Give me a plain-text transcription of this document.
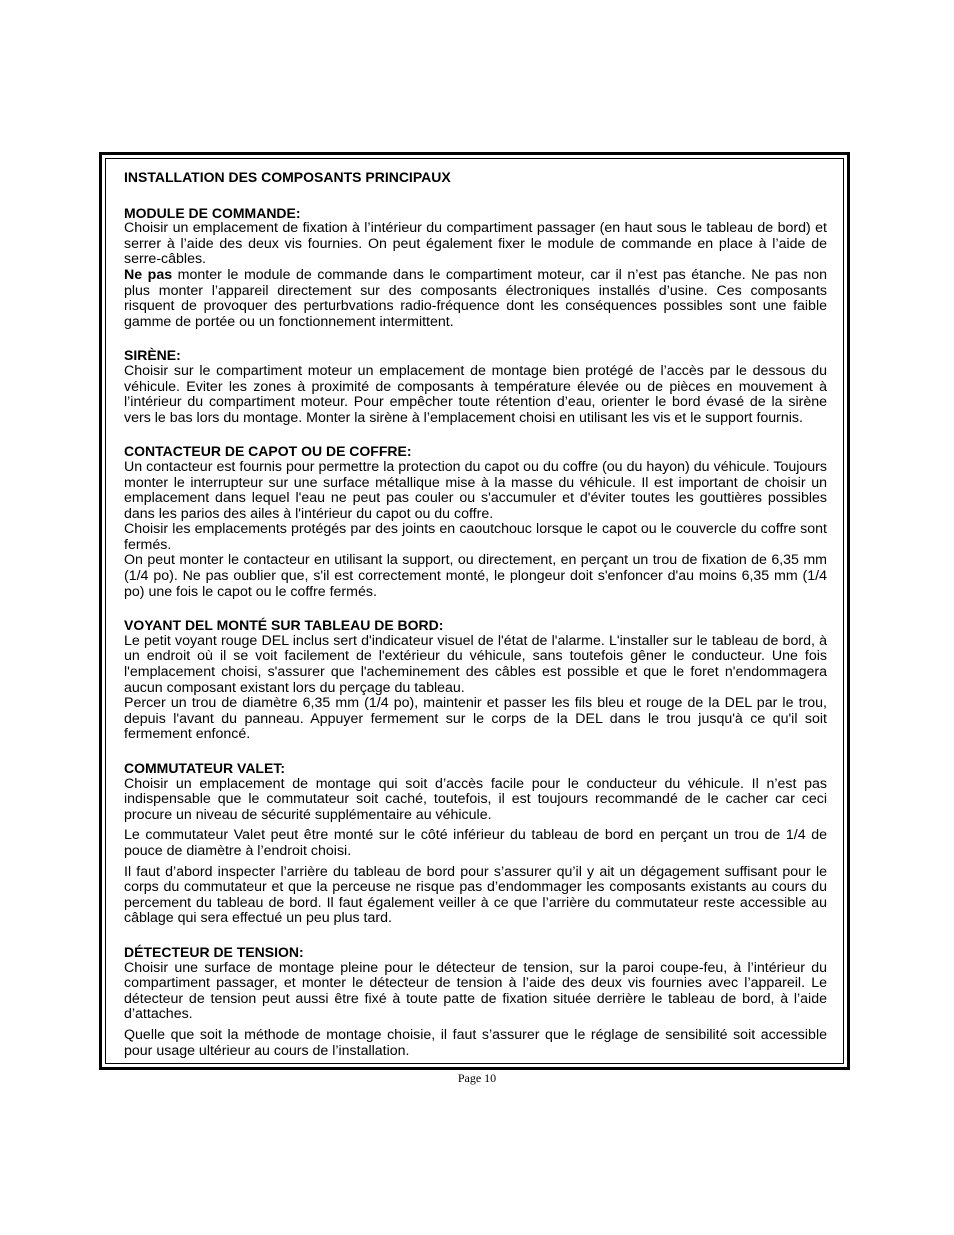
INSTALLATION DES COMPOSANTS PRINCIPAUX

MODULE DE COMMANDE:

Choisir un emplacement de fixation à l’intérieur du compartiment passager (en haut sous le tableau de bord) et serrer à l’aide des deux vis fournies. On peut également fixer le module de commande en place à l’aide de serre-câbles.

Ne pas monter le module de commande dans le compartiment moteur, car il n’est pas étanche. Ne pas non plus monter l’appareil directement sur des composants électroniques installés d’usine. Ces composants risquent de provoquer des perturbvations radio-fréquence dont les conséquences possibles sont une faible gamme de portée ou un fonctionnement intermittent.

SIRÈNE:

Choisir sur le compartiment moteur un emplacement de montage bien protégé de l’accès par le dessous du véhicule. Eviter les zones à proximité de composants à température élevée ou de pièces en mouvement à l’intérieur du compartiment moteur. Pour empêcher toute rétention d’eau, orienter le bord évasé de la sirène vers le bas lors du montage. Monter la sirène à l’emplacement choisi en utilisant les vis et le support fournis.

CONTACTEUR DE CAPOT OU DE COFFRE:

Un contacteur est fournis pour permettre la protection du capot ou du coffre (ou du hayon) du véhicule. Toujours monter le interrupteur sur une surface métallique mise à la masse du véhicule. Il est important de choisir un emplacement dans lequel l'eau ne peut pas couler ou s'accumuler et d'éviter toutes les gouttières possibles dans les parios des ailes à l'intérieur du capot ou du coffre.

Choisir les emplacements protégés par des joints en caoutchouc lorsque le capot ou le couvercle du coffre sont fermés.

On peut monter le contacteur en utilisant la support, ou directement, en perçant un trou de fixation de 6,35 mm (1/4 po). Ne pas oublier que, s'il est correctement monté, le plongeur doit s'enfoncer d'au moins 6,35 mm (1/4 po) une fois le capot ou le coffre fermés.

VOYANT DEL MONTÉ SUR TABLEAU DE BORD:

Le petit voyant rouge DEL inclus sert d'indicateur visuel de l'état de l'alarme. L'installer sur le tableau de bord, à un endroit où il se voit facilement de l'extérieur du véhicule, sans toutefois gêner le conducteur. Une fois l'emplacement choisi, s'assurer que l'acheminement des câbles est possible et que le foret n'endommagera aucun composant existant lors du perçage du tableau.

Percer un trou de diamètre 6,35 mm (1/4 po), maintenir et passer les fils bleu et rouge de la DEL par le trou, depuis l'avant du panneau. Appuyer fermement sur le corps de la DEL dans le trou jusqu'à ce qu'il soit fermement enfoncé.

COMMUTATEUR VALET:

Choisir un emplacement de montage qui soit d’accès facile pour le conducteur du véhicule. Il n’est pas indispensable que le commutateur soit caché, toutefois, il est toujours recommandé de le cacher car ceci procure un niveau de sécurité supplémentaire au véhicule.

Le commutateur Valet peut être monté sur le côté inférieur du tableau de bord en perçant un trou de 1/4 de pouce de diamètre à l’endroit choisi.

Il faut d’abord inspecter l’arrière du tableau de bord pour s’assurer qu’il y ait un dégagement suffisant pour le corps du commutateur et que la perceuse ne risque pas d’endommager les composants existants au cours du percement du tableau de bord. Il faut également veiller à ce que l’arrière du commutateur reste accessible au câblage qui sera effectué un peu plus tard.

DÉTECTEUR DE TENSION:

Choisir une surface de montage pleine pour le détecteur de tension, sur la paroi coupe-feu, à l’intérieur du compartiment passager, et monter le détecteur de tension à l’aide des deux vis fournies avec l’appareil. Le détecteur de tension peut aussi être fixé à toute patte de fixation située derrière le tableau de bord, à l’aide d’attaches.

Quelle que soit la méthode de montage choisie, il faut s’assurer que le réglage de sensibilité soit accessible pour usage ultérieur au cours de l’installation.

Page 10
